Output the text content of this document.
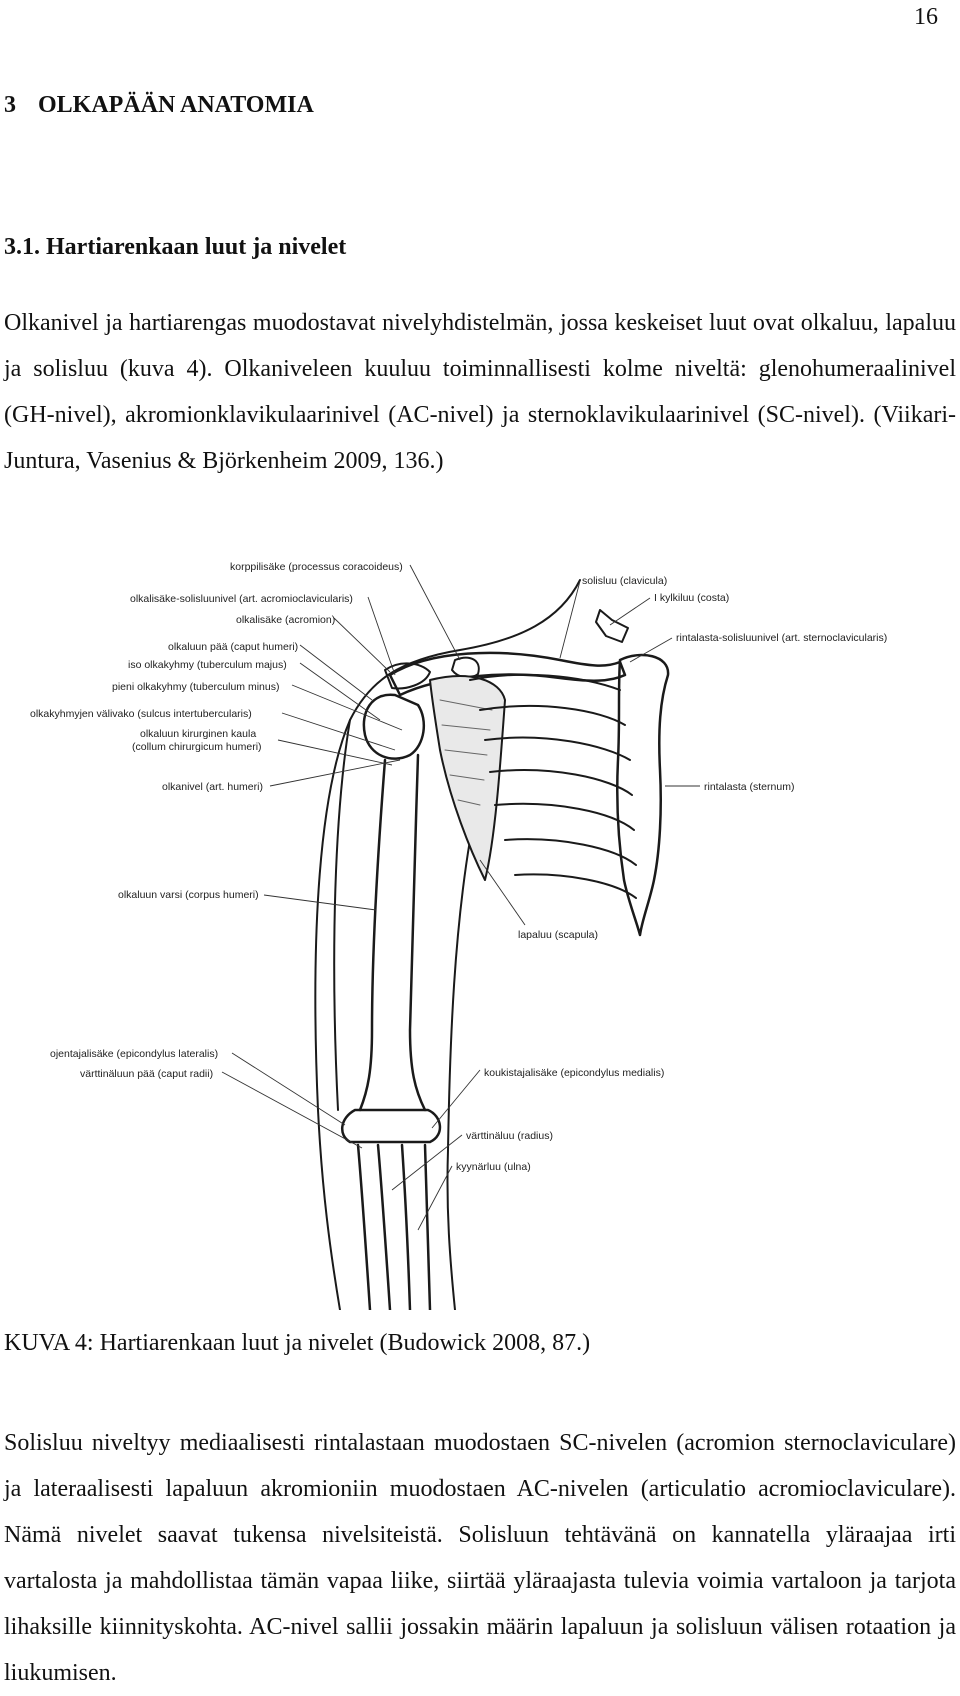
16
3 OLKAPÄÄN ANATOMIA
3.1. Hartiarenkaan luut ja nivelet

Olkanivel ja hartiarengas muodostavat nivelyhdistelmän, jossa keskeiset luut ovat olkaluu, lapaluu ja solisluu (kuva 4). Olkaniveleen kuuluu toiminnallisesti kolme niveltä: glenohumeraalinivel (GH-nivel), akromionklavikulaarinivel (AC-nivel) ja sternoklavikulaarinivel (SC-nivel). (Viikari-Juntura, Vasenius & Björkenheim 2009, 136.)

korppilisäke (processus coracoideus)
olkalisäke-solisluunivel (art. acromioclavicularis)
olkalisäke (acromion)
olkaluun pää (caput humeri)
iso olkakyhmy (tuberculum majus)
pieni olkakyhmy (tuberculum minus)
olkakyhmyjen välivako (sulcus intertubercularis)
olkaluun kirurginen kaula
(collum chirurgicum humeri)
olkanivel (art. humeri)
olkaluun varsi (corpus humeri)
solisluu (clavicula)
I kylkiluu (costa)
rintalasta-solisluunivel (art. sternoclavicularis)
rintalasta (sternum)
lapaluu (scapula)
ojentajalisäke (epicondylus lateralis)
värttinäluun pää (caput radii)	koukistajalisäke (epicondylus medialis)
värttinäluu (radius)
kyynärluu (ulna)
KUVA 4: Hartiarenkaan luut ja nivelet (Budowick 2008, 87.)

Solisluu niveltyy mediaalisesti rintalastaan muodostaen SC-nivelen (acromion sternoclaviculare) ja lateraalisesti lapaluun akromioniin muodostaen AC-nivelen (articulatio acromioclaviculare). Nämä nivelet saavat tukensa nivelsiteistä. Solisluun tehtävänä on kannatella yläraajaa irti vartalosta ja mahdollistaa tämän vapaa liike, siirtää yläraajasta tulevia voimia vartaloon ja tarjota lihaksille kiinnityskohta. AC-nivel sallii jossakin määrin lapaluun ja solisluun välisen rotaation ja liukumisen.
